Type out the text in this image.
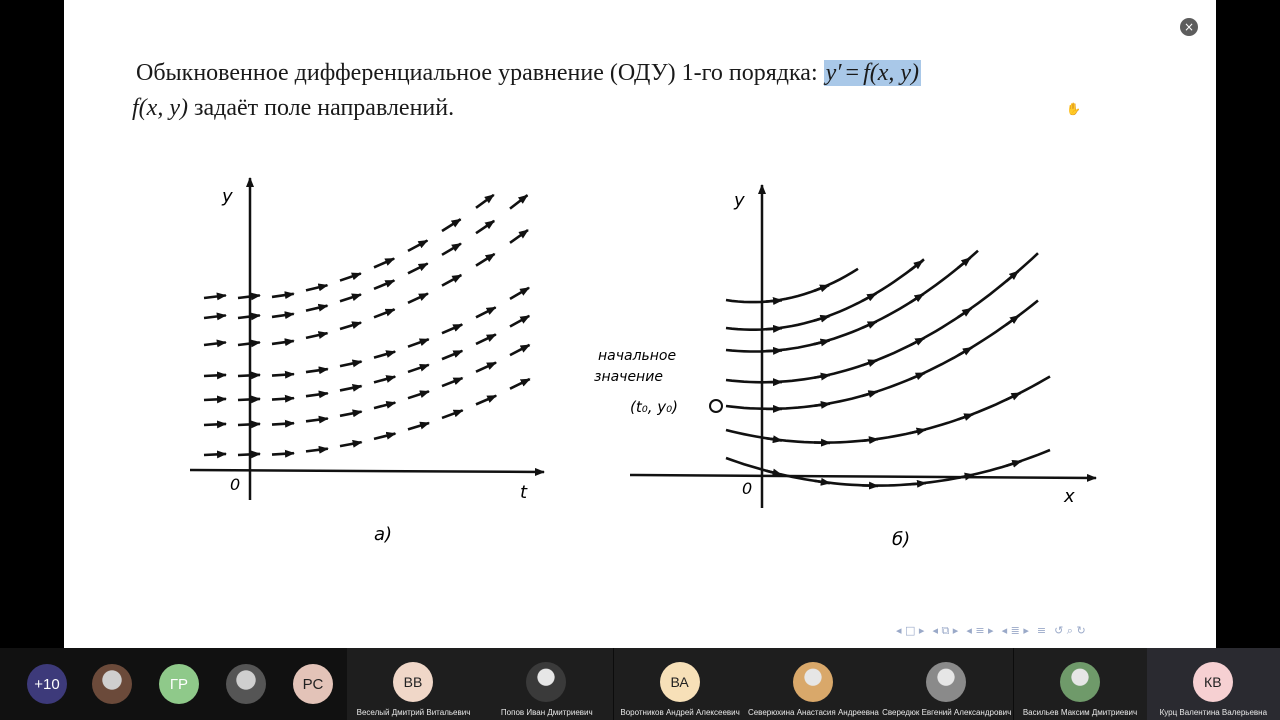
Обыкновенное дифференциальное уравнение (ОДУ) 1-го порядка: y′ = f(x, y)
f(x, y) задаёт поле направлений.	✋
y
t
0
а)
y
x
0
б)
начальное
значение
(t₀, y₀)
◂ □ ▸ ◂ ⧉ ▸ ◂ ≡ ▸ ◂ ≣ ▸ ≡ ↺ ⌕ ↻
×
+10	ГР	РС	ВВ
Веселый Дмитрий Витальевич	Попов Иван Дмитриевич
ВА
Воротников Андрей Алексеевич	Северюхина Анастасия Андреевна Свередюк Евгений Александрович	Васильев Максим Дмитриевич
КВ
Курц Валентина Валерьевна
